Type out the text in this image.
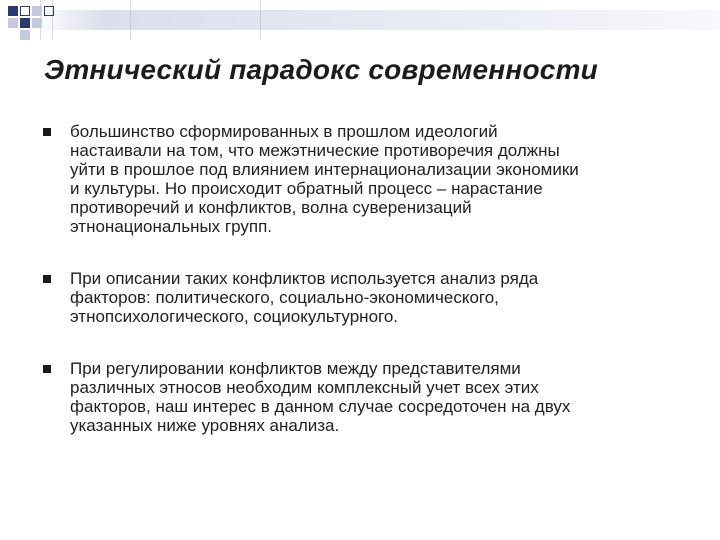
Этнический парадокс современности
большинство сформированных в прошлом идеологий
настаивали на том, что межэтнические противоречия должны
уйти в прошлое под влиянием интернационализации экономики
и культуры. Но происходит обратный процесс – нарастание
противоречий и конфликтов, волна суверенизаций
этнонациональных групп.
При описании таких конфликтов используется анализ ряда
факторов: политического, социально-экономического,
этнопсихологического, социокультурного.
При регулировании конфликтов между представителями
различных этносов необходим комплексный учет всех этих
факторов, наш интерес в данном случае сосредоточен на двух
указанных ниже уровнях анализа.
